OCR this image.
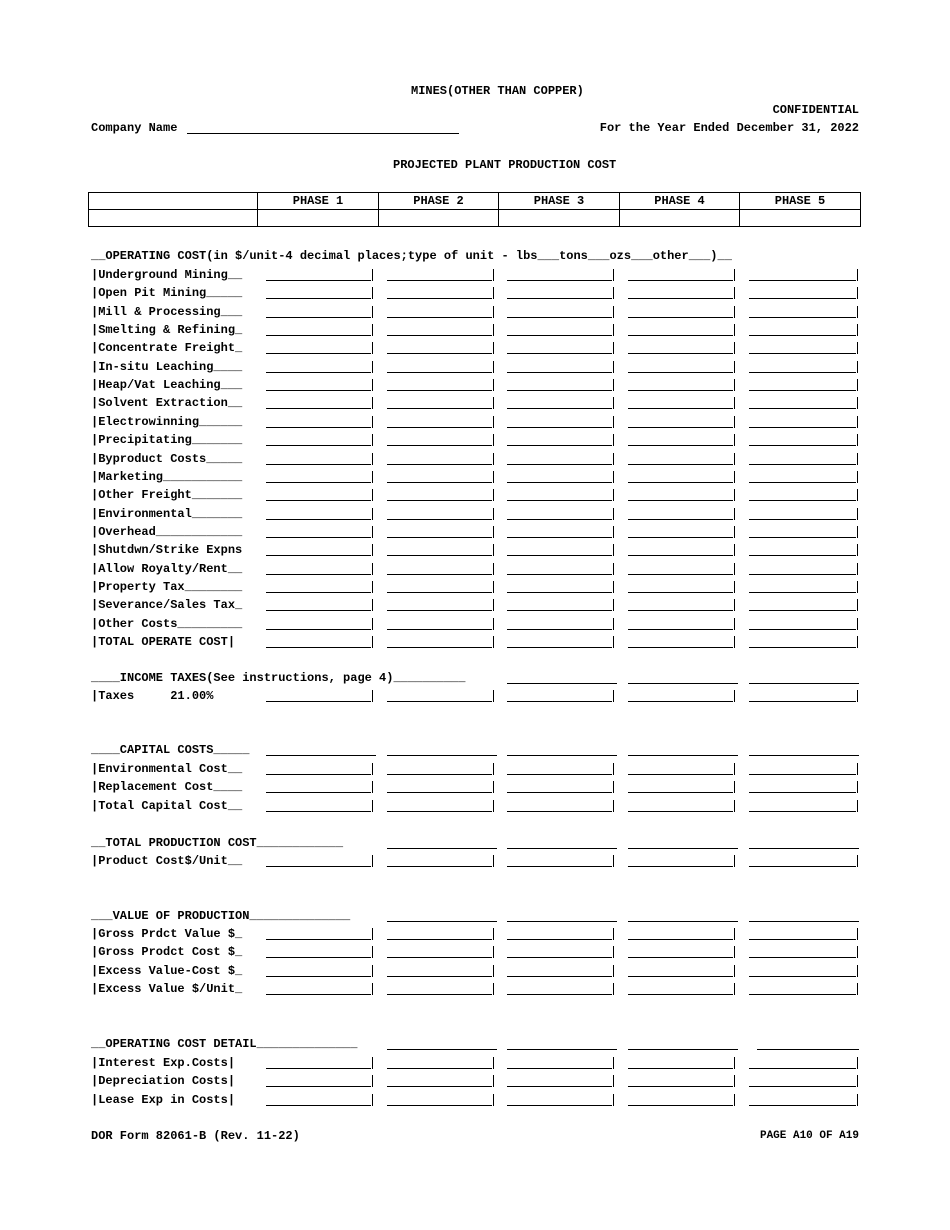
MINES(OTHER THAN COPPER)
CONFIDENTIAL
Company Name	For the Year Ended December 31, 2022
PROJECTED PLANT PRODUCTION COST
	PHASE 1	PHASE 2	PHASE 3	PHASE 4	PHASE 5

__OPERATING COST(in $/unit-4 decimal places;type of unit - lbs___tons___ozs___other___)__
|Underground Mining__
|Open Pit Mining_____
|Mill & Processing___
|Smelting & Refining_
|Concentrate Freight_
|In-situ Leaching____
|Heap/Vat Leaching___
|Solvent Extraction__
|Electrowinning______
|Precipitating_______
|Byproduct Costs_____
|Marketing___________
|Other Freight_______
|Environmental_______
|Overhead____________
|Shutdwn/Strike Expns
|Allow Royalty/Rent__
|Property Tax________
|Severance/Sales Tax_
|Other Costs_________
|TOTAL OPERATE COST|
____INCOME TAXES(See instructions, page 4)__________
|Taxes     21.00%
____CAPITAL COSTS_____
|Environmental Cost__
|Replacement Cost____
|Total Capital Cost__
__TOTAL PRODUCTION COST____________
|Product Cost$/Unit__
___VALUE OF PRODUCTION______________
|Gross Prdct Value $_
|Gross Prodct Cost $_
|Excess Value-Cost $_
|Excess Value $/Unit_
__OPERATING COST DETAIL______________
|Interest Exp.Costs|
|Depreciation Costs|
|Lease Exp in Costs|
DOR Form 82061-B (Rev. 11-22)	PAGE A10 OF A19
